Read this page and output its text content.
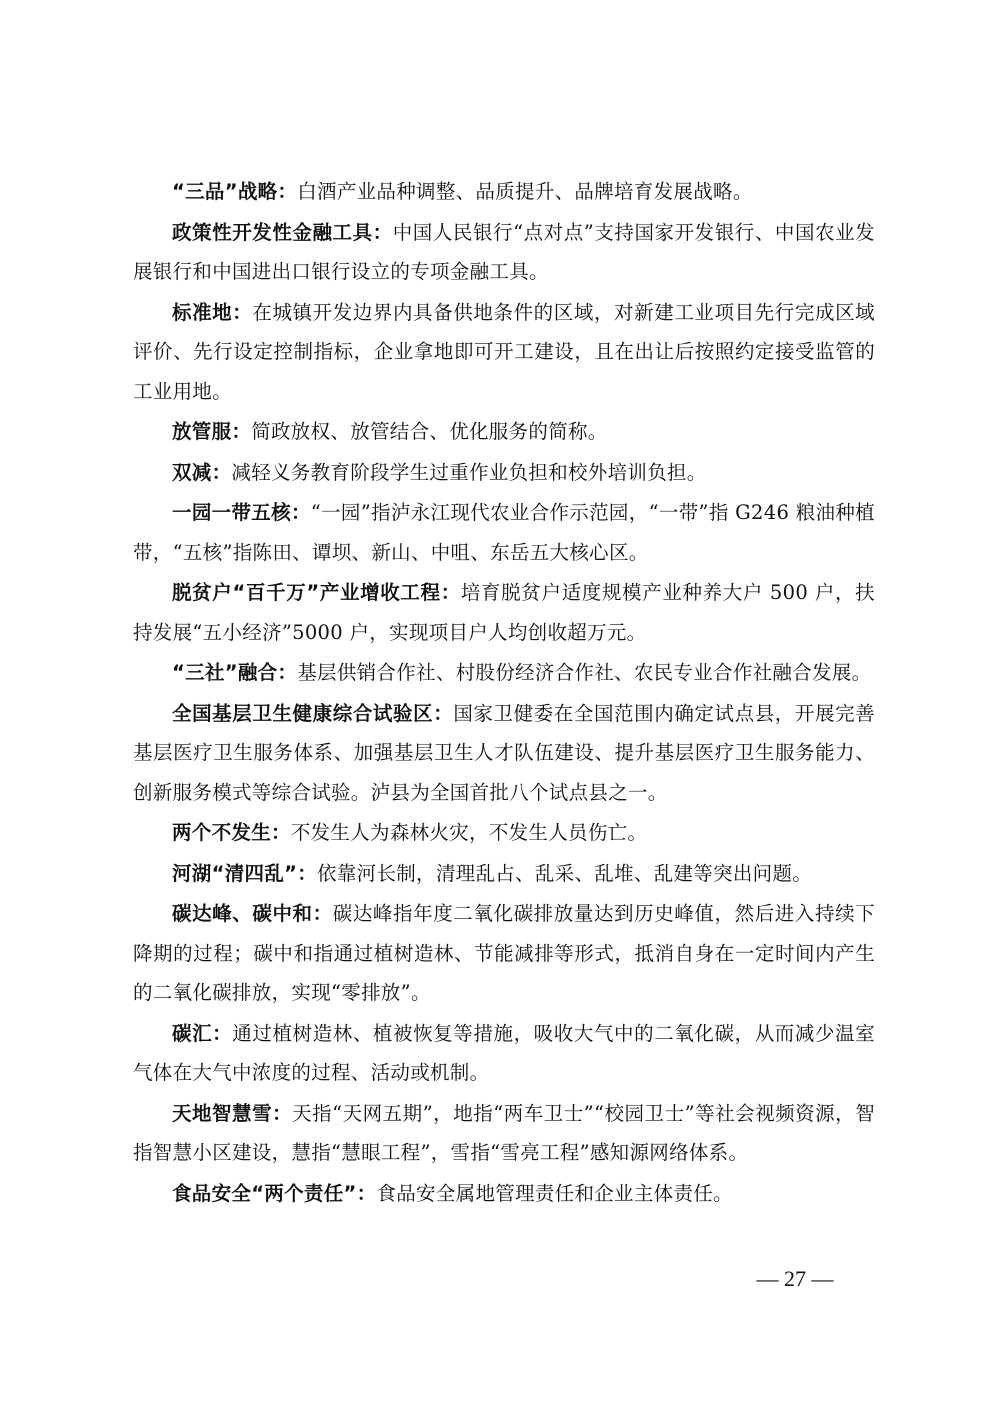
“三品”战略：白酒产业品种调整、品质提升、品牌培育发展战略。

政策性开发性金融工具：中国人民银行“点对点”支持国家开发银行、中国农业发展银行和中国进出口银行设立的专项金融工具。

标准地：在城镇开发边界内具备供地条件的区域，对新建工业项目先行完成区域评价、先行设定控制指标，企业拿地即可开工建设，且在出让后按照约定接受监管的工业用地。

放管服：简政放权、放管结合、优化服务的简称。

双减：减轻义务教育阶段学生过重作业负担和校外培训负担。

一园一带五核：“一园”指泸永江现代农业合作示范园，“一带”指 G246 粮油种植带，“五核”指陈田、谭坝、新山、中咀、东岳五大核心区。

脱贫户“百千万”产业增收工程：培育脱贫户适度规模产业种养大户 500 户，扶持发展“五小经济”5000 户，实现项目户人均创收超万元。

“三社”融合：基层供销合作社、村股份经济合作社、农民专业合作社融合发展。

全国基层卫生健康综合试验区：国家卫健委在全国范围内确定试点县，开展完善基层医疗卫生服务体系、加强基层卫生人才队伍建设、提升基层医疗卫生服务能力、创新服务模式等综合试验。泸县为全国首批八个试点县之一。

两个不发生：不发生人为森林火灾，不发生人员伤亡。

河湖“清四乱”：依靠河长制，清理乱占、乱采、乱堆、乱建等突出问题。

碳达峰、碳中和：碳达峰指年度二氧化碳排放量达到历史峰值，然后进入持续下降期的过程；碳中和指通过植树造林、节能减排等形式，抵消自身在一定时间内产生的二氧化碳排放，实现“零排放”。

碳汇：通过植树造林、植被恢复等措施，吸收大气中的二氧化碳，从而减少温室气体在大气中浓度的过程、活动或机制。

天地智慧雪：天指“天网五期”，地指“两车卫士”“校园卫士”等社会视频资源，智指智慧小区建设，慧指“慧眼工程”，雪指“雪亮工程”感知源网络体系。

食品安全“两个责任”：食品安全属地管理责任和企业主体责任。

— 27 —
